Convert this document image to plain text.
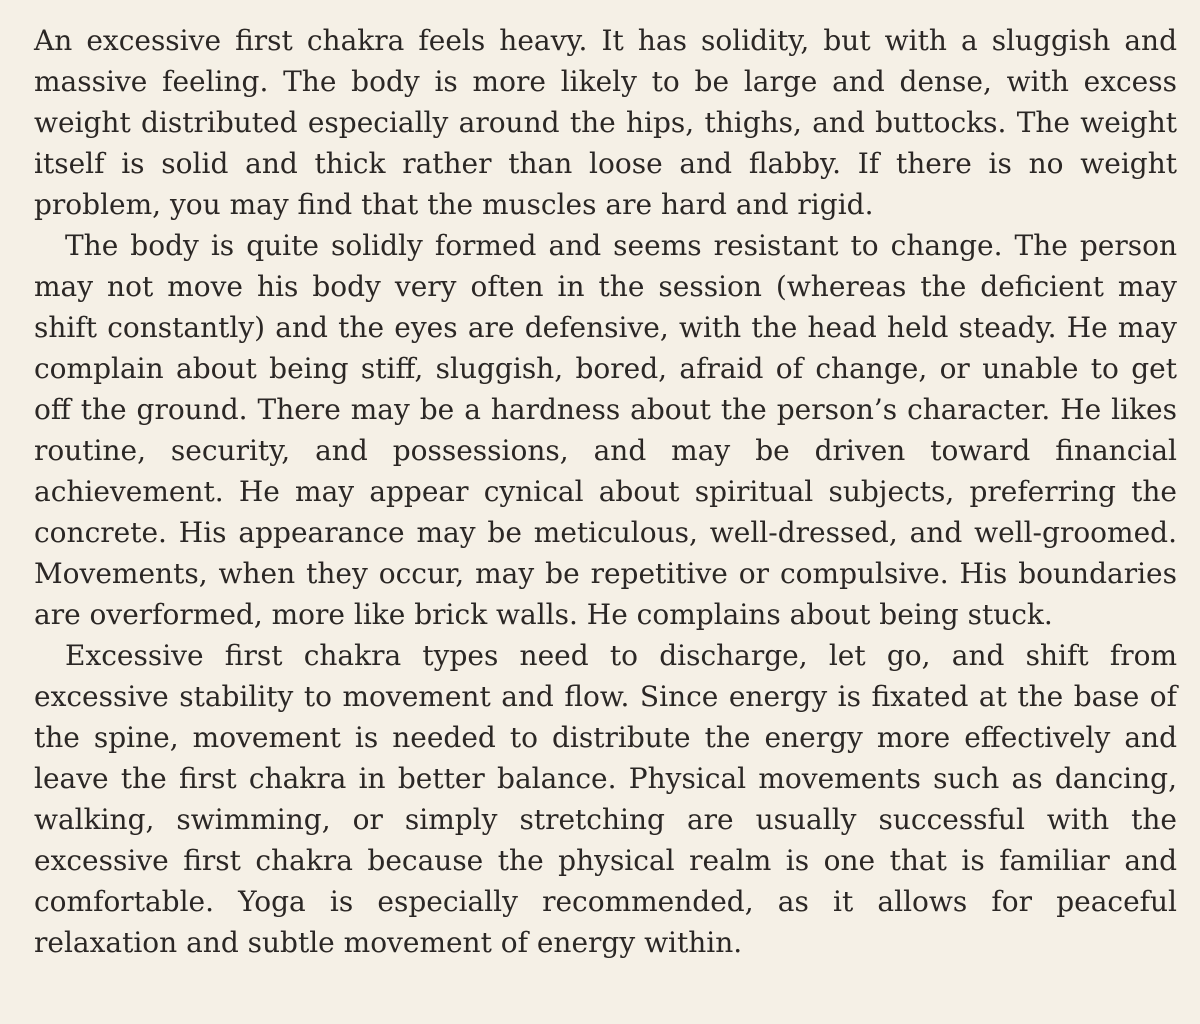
An excessive first chakra feels heavy. It has solidity, but with a sluggish and massive feeling. The body is more likely to be large and dense, with excess weight distributed especially around the hips, thighs, and buttocks. The weight itself is solid and thick rather than loose and flabby. If there is no weight problem, you may find that the muscles are hard and rigid.

The body is quite solidly formed and seems resistant to change. The person may not move his body very often in the session (whereas the deficient may shift constantly) and the eyes are defensive, with the head held steady. He may complain about being stiff, sluggish, bored, afraid of change, or unable to get off the ground. There may be a hardness about the person’s character. He likes routine, security, and possessions, and may be driven toward financial achievement. He may appear cynical about spiritual subjects, preferring the concrete. His appearance may be meticulous, well-dressed, and well-groomed. Movements, when they occur, may be repetitive or compulsive. His boundaries are overformed, more like brick walls. He complains about being stuck.

Excessive first chakra types need to discharge, let go, and shift from excessive stability to movement and flow. Since energy is fixated at the base of the spine, movement is needed to distribute the energy more effectively and leave the first chakra in better balance. Physical movements such as dancing, walking, swimming, or simply stretching are usually successful with the excessive first chakra because the physical realm is one that is familiar and comfortable. Yoga is especially recommended, as it allows for peaceful relaxation and subtle movement of energy within.
